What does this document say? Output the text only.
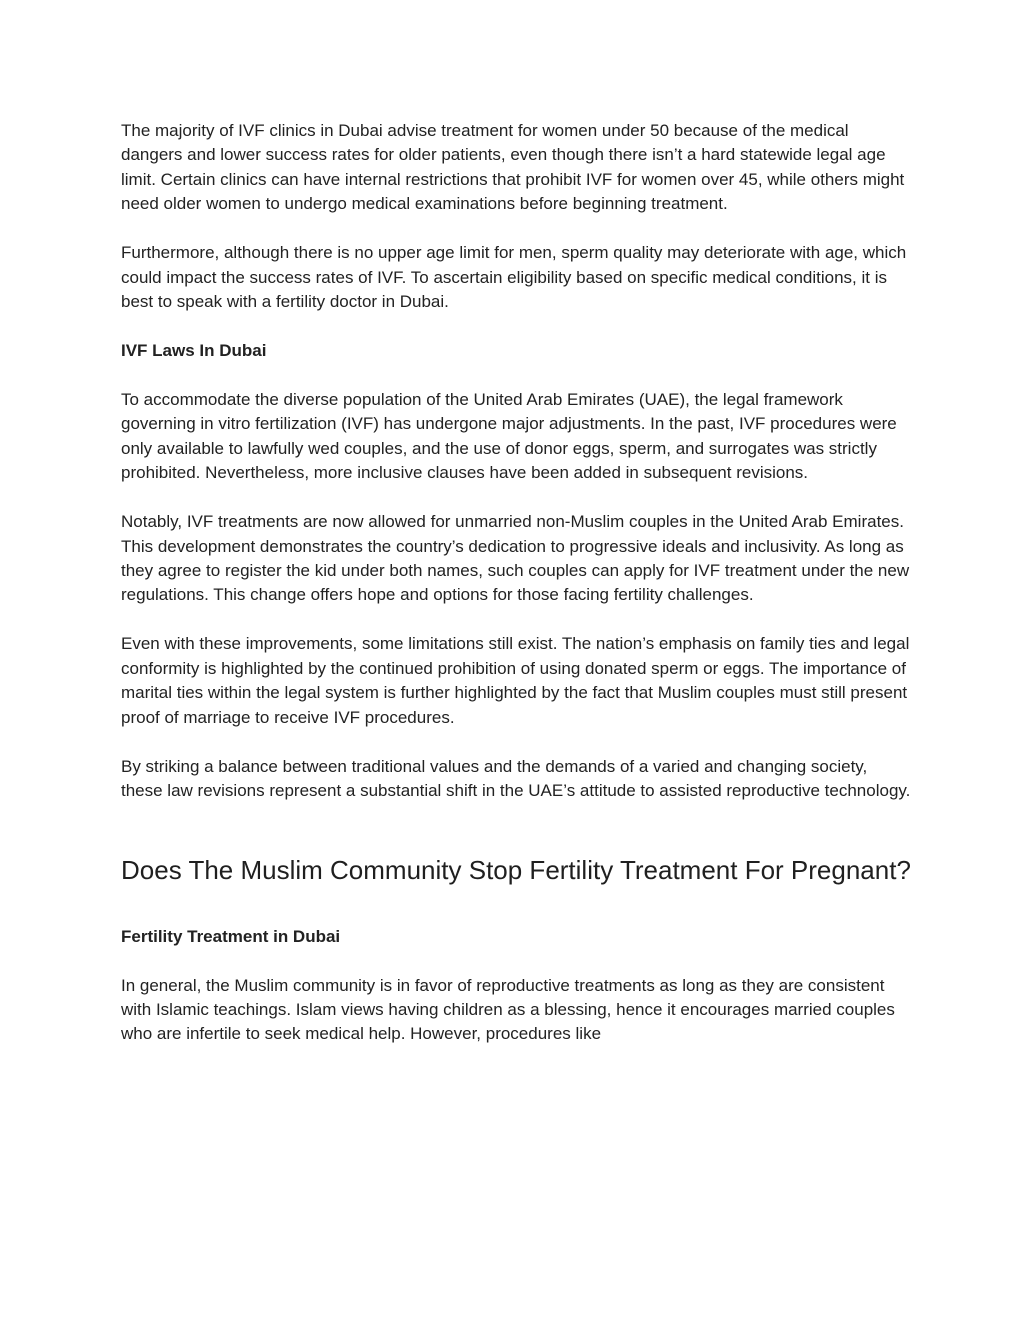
The majority of IVF clinics in Dubai advise treatment for women under 50 because of the medical dangers and lower success rates for older patients, even though there isn’t a hard statewide legal age limit. Certain clinics can have internal restrictions that prohibit IVF for women over 45, while others might need older women to undergo medical examinations before beginning treatment.

Furthermore, although there is no upper age limit for men, sperm quality may deteriorate with age, which could impact the success rates of IVF. To ascertain eligibility based on specific medical conditions, it is best to speak with a fertility doctor in Dubai.

IVF Laws In Dubai

To accommodate the diverse population of the United Arab Emirates (UAE), the legal framework governing in vitro fertilization (IVF) has undergone major adjustments. In the past, IVF procedures were only available to lawfully wed couples, and the use of donor eggs, sperm, and surrogates was strictly prohibited. Nevertheless, more inclusive clauses have been added in subsequent revisions.

Notably, IVF treatments are now allowed for unmarried non-Muslim couples in the United Arab Emirates. This development demonstrates the country’s dedication to progressive ideals and inclusivity. As long as they agree to register the kid under both names, such couples can apply for IVF treatment under the new regulations. This change offers hope and options for those facing fertility challenges.

Even with these improvements, some limitations still exist. The nation’s emphasis on family ties and legal conformity is highlighted by the continued prohibition of using donated sperm or eggs. The importance of marital ties within the legal system is further highlighted by the fact that Muslim couples must still present proof of marriage to receive IVF procedures.

By striking a balance between traditional values and the demands of a varied and changing society, these law revisions represent a substantial shift in the UAE’s attitude to assisted reproductive technology.

Does The Muslim Community Stop Fertility Treatment For Pregnant?

Fertility Treatment in Dubai

In general, the Muslim community is in favor of reproductive treatments as long as they are consistent with Islamic teachings. Islam views having children as a blessing, hence it encourages married couples who are infertile to seek medical help. However, procedures like
